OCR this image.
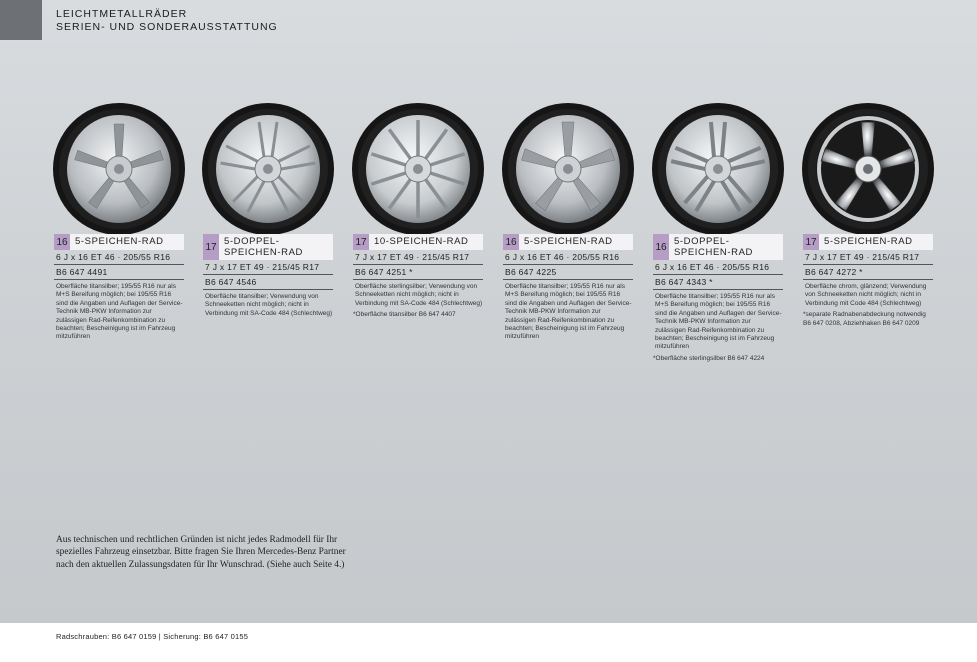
LEICHTMETALLRÄDER
SERIEN- UND SONDERAUSSTATTUNG
16 5-SPEICHEN-RAD
6 J x 16 ET 46 · 205/55 R16
B6 647 4491
Oberfläche titansilber; 195/55 R16 nur als M+S Bereifung möglich; bei 195/55 R16 sind die Angaben und Auflagen der Service-Technik MB-PKW Information zur zulässigen Rad-Reifenkombination zu beachten; Bescheinigung ist im Fahrzeug mitzuführen
17 5-DOPPEL-SPEICHEN-RAD
7 J x 17 ET 49 · 215/45 R17
B6 647 4546
Oberfläche titansilber; Verwendung von Schneeketten nicht möglich; nicht in Verbindung mit SA-Code 484 (Schlechtweg)
17 10-SPEICHEN-RAD
7 J x 17 ET 49 · 215/45 R17
B6 647 4251 *
Oberfläche sterlingsilber; Verwendung von Schneeketten nicht möglich; nicht in Verbindung mit SA-Code 484 (Schlechtweg)
*Oberfläche titansilber B6 647 4407
16 5-SPEICHEN-RAD
6 J x 16 ET 46 · 205/55 R16
B6 647 4225
Oberfläche titansilber; 195/55 R16 nur als M+S Bereifung möglich; bei 195/55 R16 sind die Angaben und Auflagen der Service-Technik MB-PKW Information zur zulässigen Rad-Reifenkombination zu beachten; Bescheinigung ist im Fahrzeug mitzuführen
16 5-DOPPEL-SPEICHEN-RAD
6 J x 16 ET 46 · 205/55 R16
B6 647 4343 *
Oberfläche titansilber; 195/55 R16 nur als M+S Bereifung möglich; bei 195/55 R16 sind die Angaben und Auflagen der Service-Technik MB-PKW Information zur zulässigen Rad-Reifenkombination zu beachten; Bescheinigung ist im Fahrzeug mitzuführen
*Oberfläche sterlingsilber B6 647 4224
17 5-SPEICHEN-RAD
7 J x 17 ET 49 · 215/45 R17
B6 647 4272 *
Oberfläche chrom, glänzend; Verwendung von Schneeketten nicht möglich; nicht in Verbindung mit Code 484 (Schlechtweg)
*separate Radnabenabdeckung notwendig B6 647 0208, Abziehhaken B6 647 0209
Aus technischen und rechtlichen Gründen ist nicht jedes Radmodell für Ihr spezielles Fahrzeug einsetzbar. Bitte fragen Sie Ihren Mercedes-Benz Partner nach den aktuellen Zulassungsdaten für Ihr Wunschrad. (Siehe auch Seite 4.)
Radschrauben: B6 647 0159 | Sicherung: B6 647 0155
